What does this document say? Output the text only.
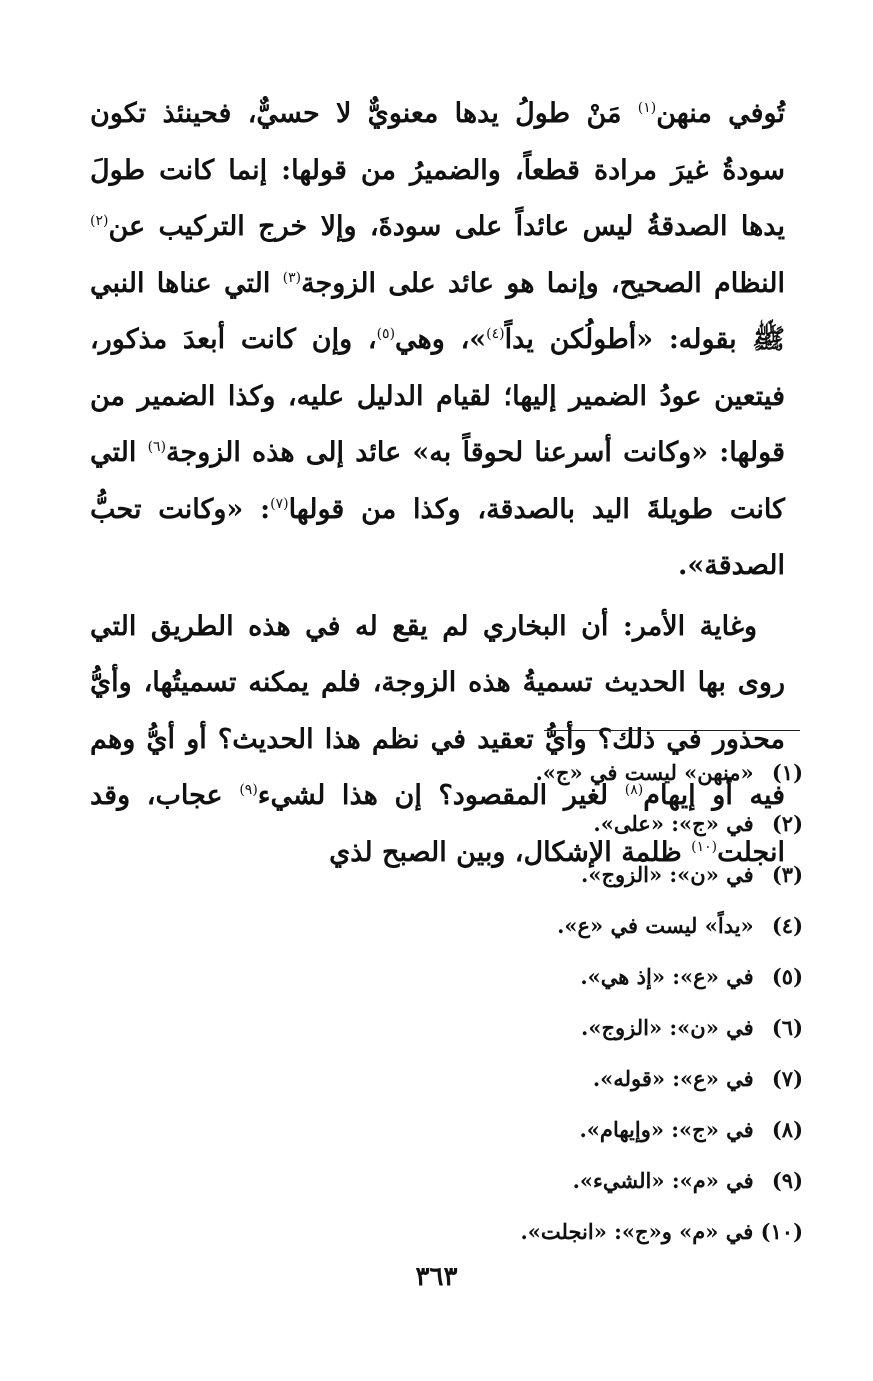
تُوفي منهن$^{(١)}$ مَنْ طولُ يدها معنويٌّ لا حسيٌّ، فحينئذ تكون سودةُ غيرَ مرادة قطعاً، والضميرُ من قولها: إنما كانت طولَ يدها الصدقةُ ليس عائداً على سودةَ، وإلا خرج التركيب عن$^{(٢)}$ النظام الصحيح، وإنما هو عائد على الزوجة$^{(٣)}$ التي عناها النبي ﷺ بقوله: «أطولُكن يداً$^{(٤)}$»، وهي$^{(٥)}$، وإن كانت أبعدَ مذكور، فيتعين عودُ الضمير إليها؛ لقيام الدليل عليه، وكذا الضمير من قولها: «وكانت أسرعنا لحوقاً به» عائد إلى هذه الزوجة$^{(٦)}$ التي كانت طويلةَ اليد بالصدقة، وكذا من قولها$^{(٧)}$: «وكانت تحبُّ الصدقة».

وغاية الأمر: أن البخاري لم يقع له في هذه الطريق التي روى بها الحديث تسميةُ هذه الزوجة، فلم يمكنه تسميتُها، وأيُّ محذور في ذلك؟ وأيُّ تعقيد في نظم هذا الحديث؟ أو أيُّ وهم فيه أو إيهام$^{(٨)}$ لغير المقصود؟ إن هذا لشيء$^{(٩)}$ عجاب، وقد انجلت$^{(١٠)}$ ظلمة الإشكال، وبين الصبح لذي

(١) «منهن» ليست في «ج».
(٢) في «ج»: «على».
(٣) في «ن»: «الزوج».
(٤) «يداً» ليست في «ع».
(٥) في «ع»: «إذ هي».
(٦) في «ن»: «الزوج».
(٧) في «ع»: «قوله».
(٨) في «ج»: «وإيهام».
(٩) في «م»: «الشيء».
(١٠) في «م» و«ج»: «انجلت».
٣٦٣
